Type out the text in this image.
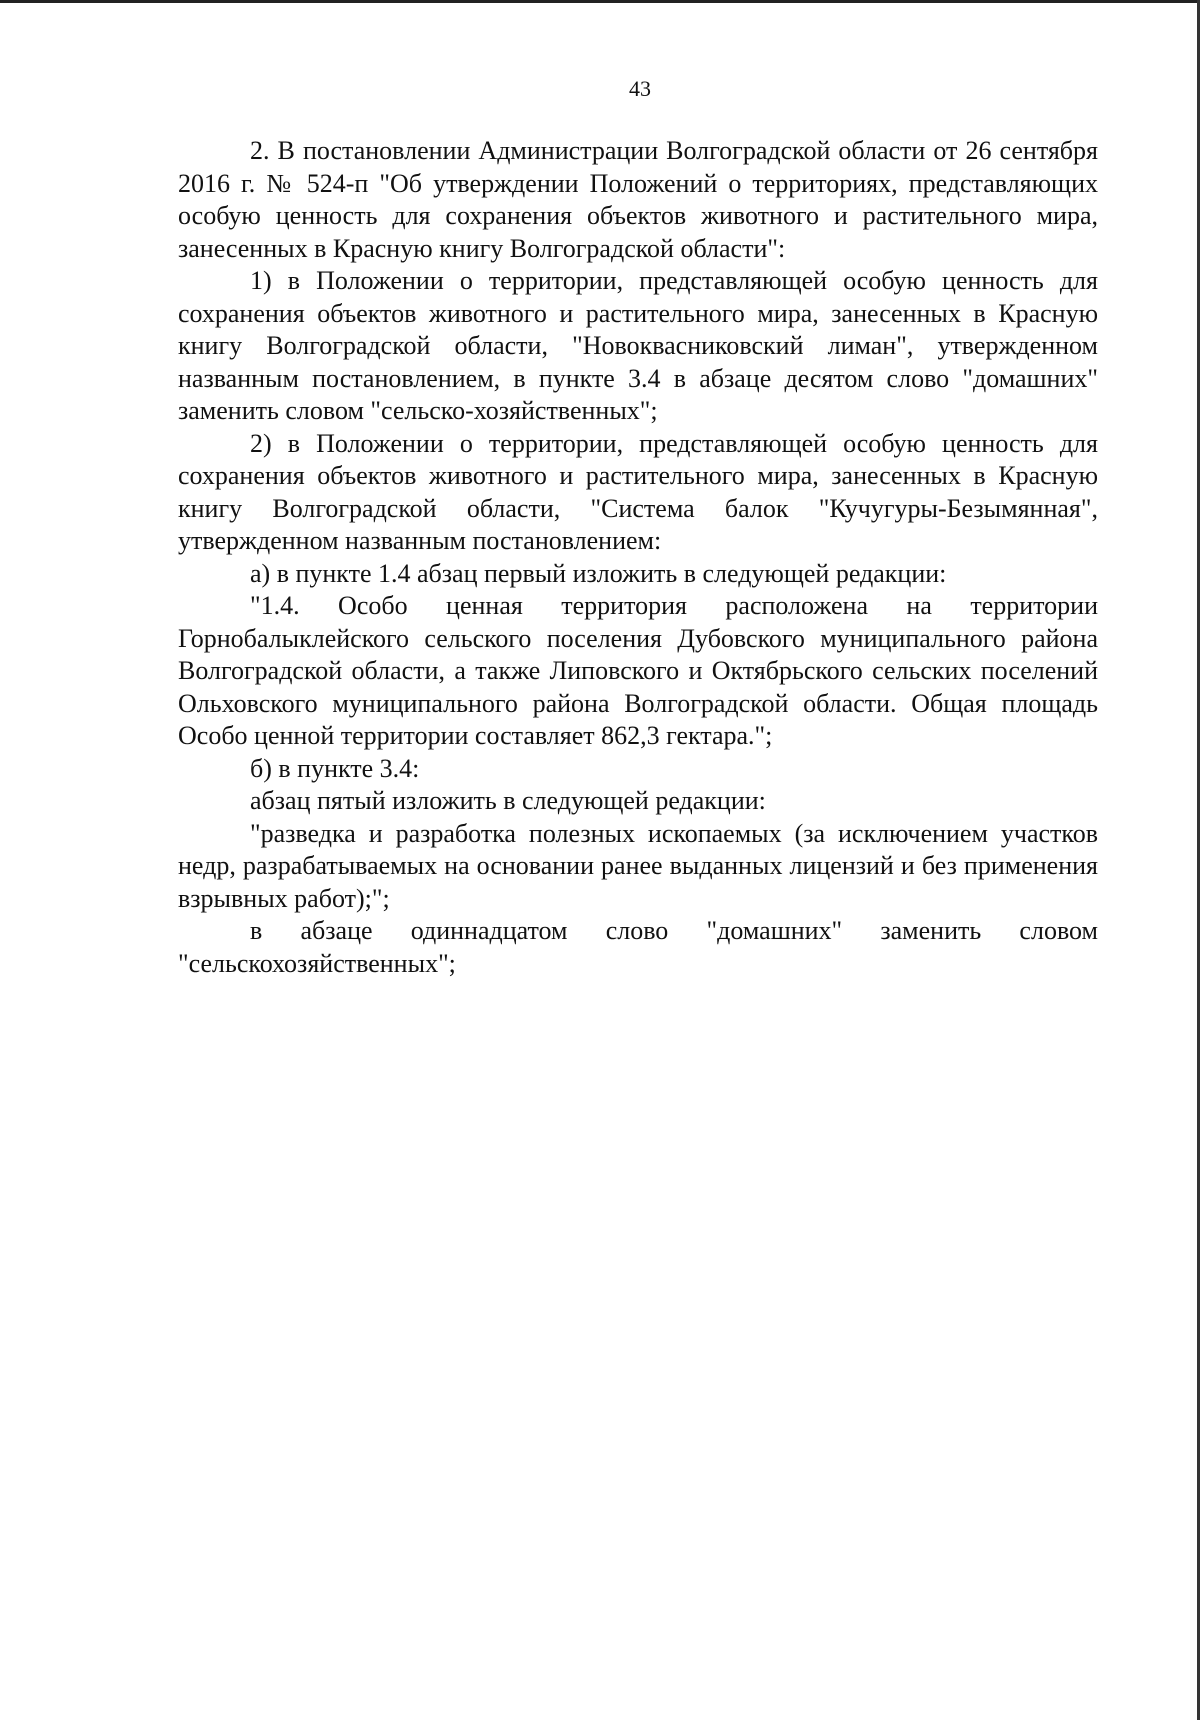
43

2. В постановлении Администрации Волгоградской области от 26 сентября 2016 г. № 524-п "Об утверждении Положений о территориях, представляющих особую ценность для сохранения объектов животного и растительного мира, занесенных в Красную книгу Волгоградской области":

1) в Положении о территории, представляющей особую ценность для сохранения объектов животного и растительного мира, занесенных в Красную книгу Волгоградской области, "Новоквасниковский лиман", утвержденном названным постановлением, в пункте 3.4 в абзаце десятом слово "домашних" заменить словом "сельско-хозяйственных";

2) в Положении о территории, представляющей особую ценность для сохранения объектов животного и растительного мира, занесенных в Красную книгу Волгоградской области, "Система балок "Кучугуры-Безымянная", утвержденном названным постановлением:

а) в пункте 1.4 абзац первый изложить в следующей редакции:

"1.4. Особо ценная территория расположена на территории Горнобалыклейского сельского поселения Дубовского муниципального района Волгоградской области, а также Липовского и Октябрьского сельских поселений Ольховского муниципального района Волгоградской области. Общая площадь Особо ценной территории составляет 862,3 гектара.";

б) в пункте 3.4:

абзац пятый изложить в следующей редакции:

"разведка и разработка полезных ископаемых (за исключением участков недр, разрабатываемых на основании ранее выданных лицензий и без применения взрывных работ);";

в абзаце одиннадцатом слово "домашних" заменить словом "сельскохозяйственных";
